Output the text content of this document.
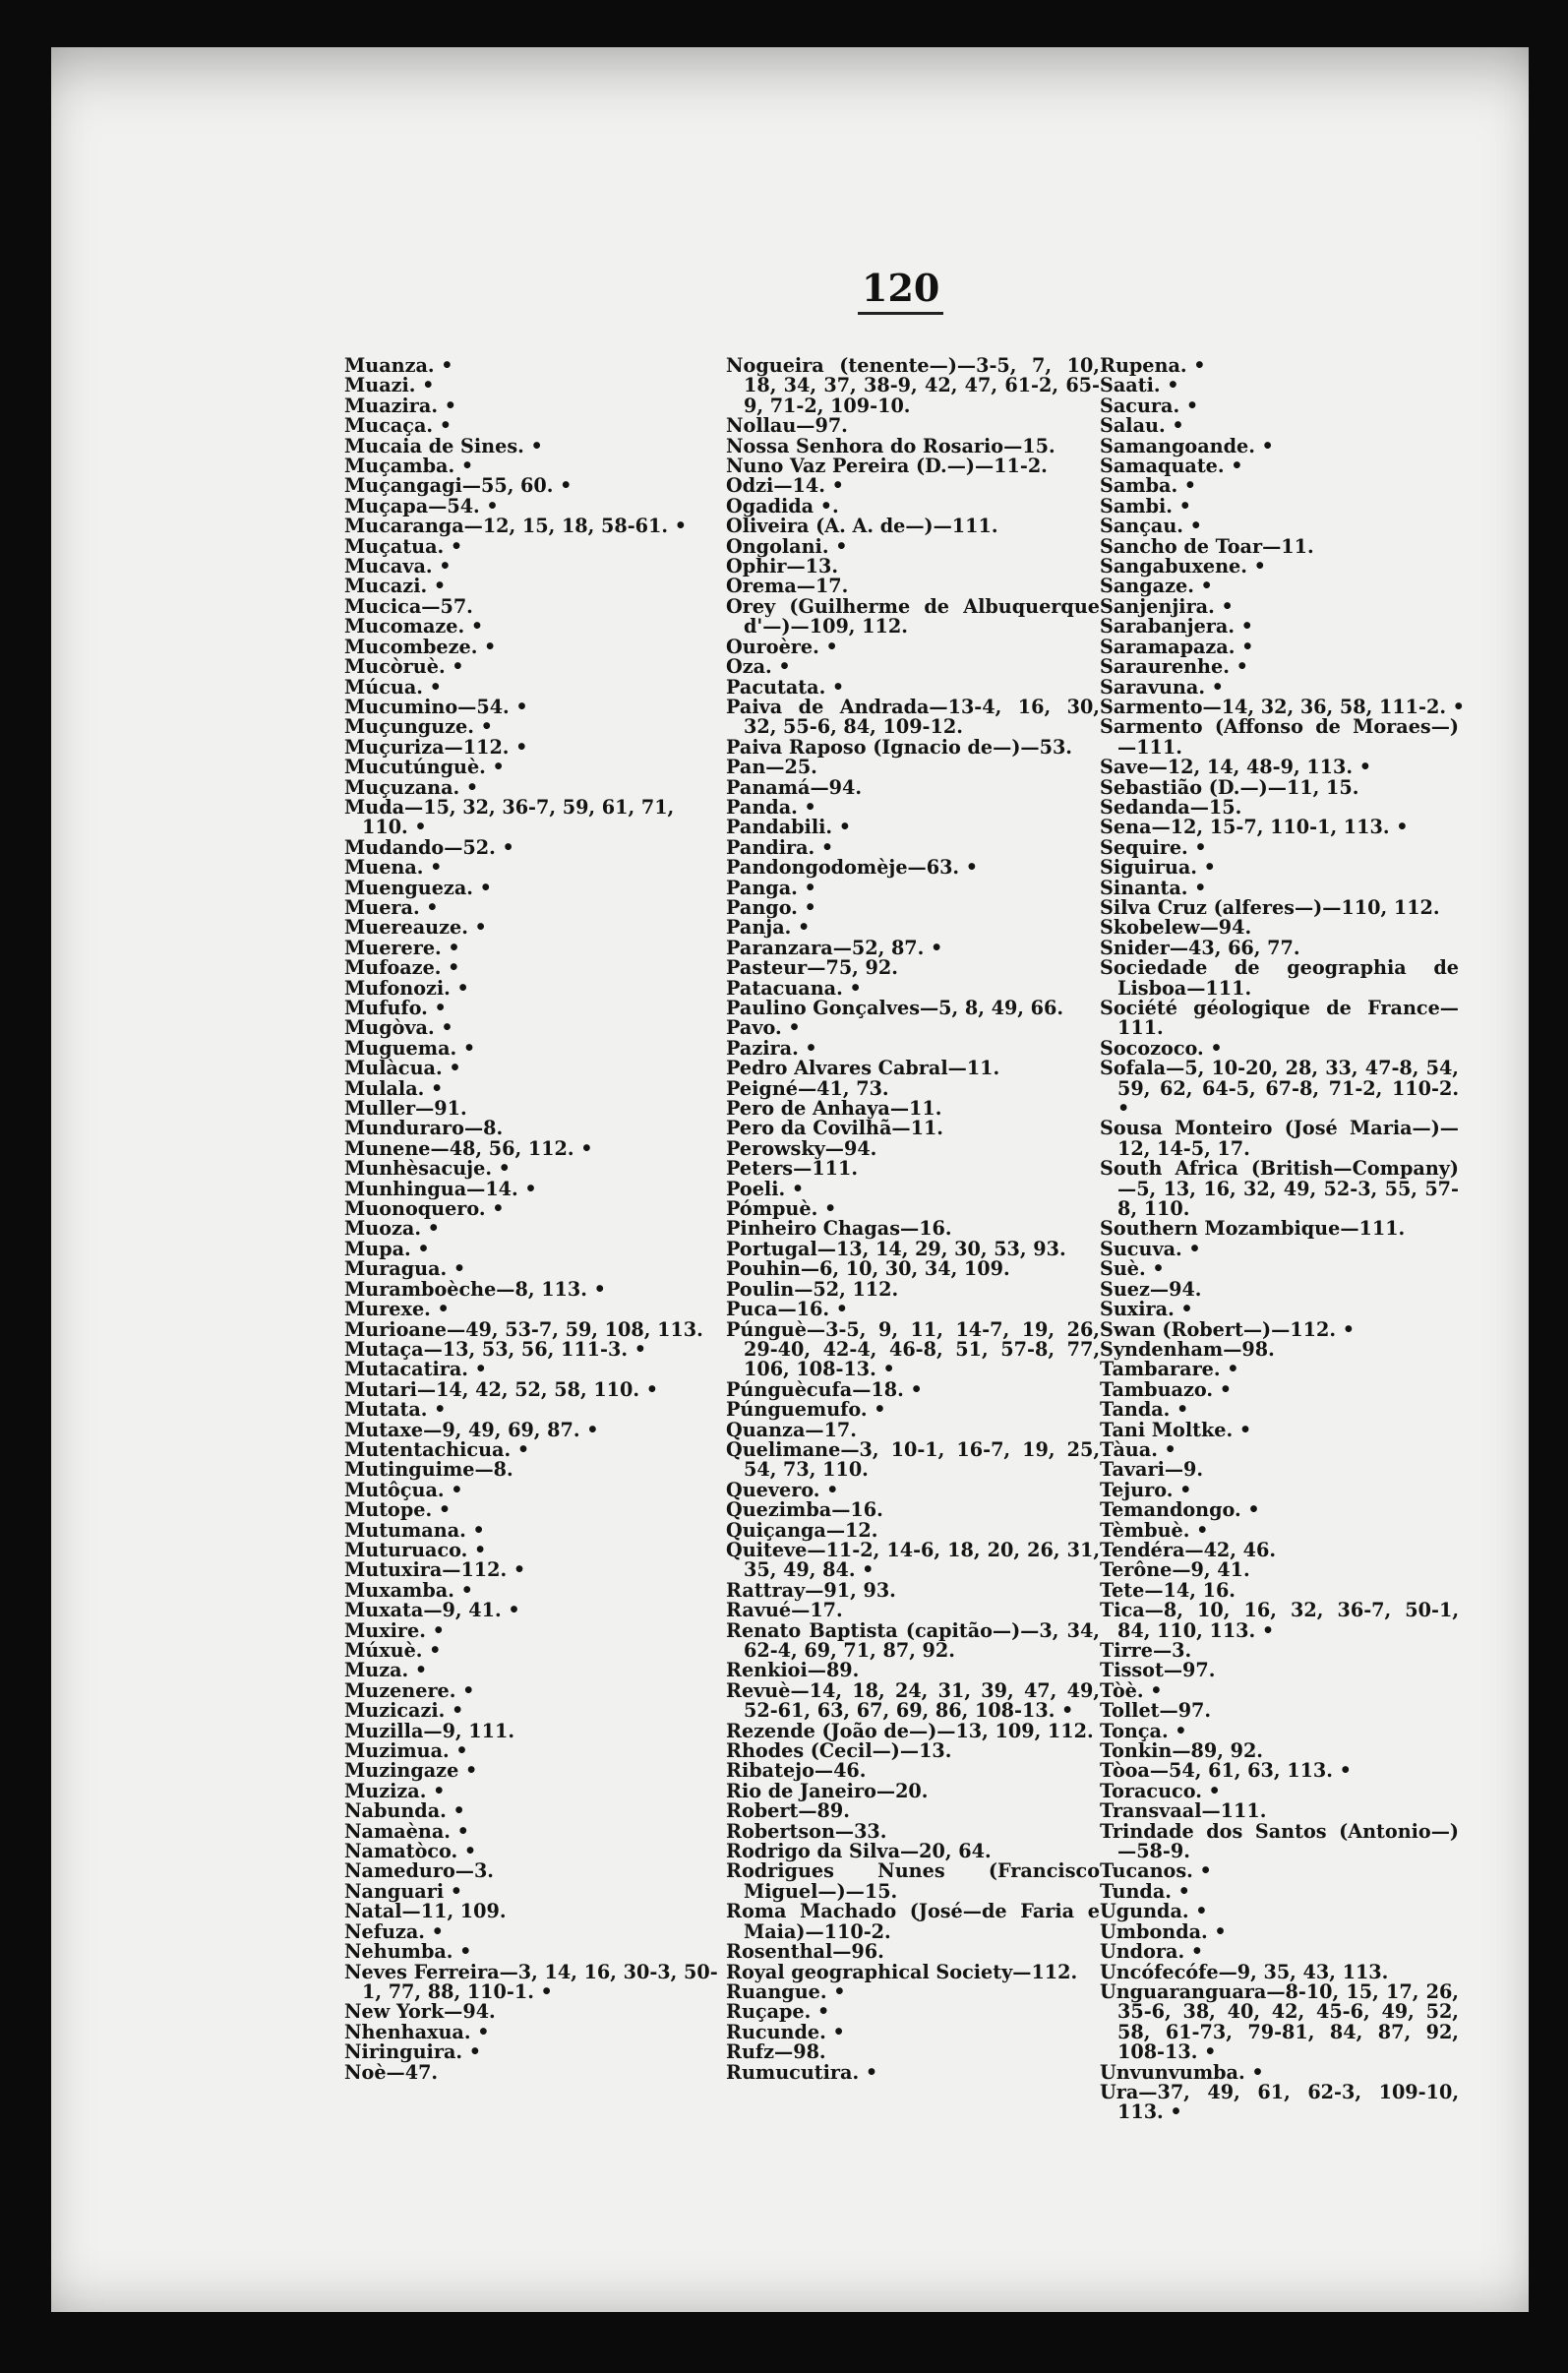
120
Muanza. •
Muazi. •
Muazira. •
Mucaça. •
Mucaia de Sines. •
Muçamba. •
Muçangagi—55, 60. •
Muçapa—54. •
Mucaranga—12, 15, 18, 58-61. •
Muçatua. •
Mucava. •
Mucazi. •
Mucica—57.
Mucomaze. •
Mucombeze. •
Mucòruè. •
Múcua. •
Mucumino—54. •
Muçunguze. •
Muçuriza—112. •
Mucutúnguè. •
Muçuzana. •
Muda—15, 32, 36-7, 59, 61, 71, 110. •
Mudando—52. •
Muena. •
Muengueza. •
Muera. •
Muereauze. •
Muerere. •
Mufoaze. •
Mufonozi. •
Mufufo. •
Mugòva. •
Muguema. •
Mulàcua. •
Mulala. •
Muller—91.
Munduraro—8.
Munene—48, 56, 112. •
Munhèsacuje. •
Munhingua—14. •
Muonoquero. •
Muoza. •
Mupa. •
Muragua. •
Muramboèche—8, 113. •
Murexe. •
Murioane—49, 53-7, 59, 108, 113.
Mutaça—13, 53, 56, 111-3. •
Mutacatira. •
Mutari—14, 42, 52, 58, 110. •
Mutata. •
Mutaxe—9, 49, 69, 87. •
Mutentachicua. •
Mutinguime—8.
Mutôçua. •
Mutope. •
Mutumana. •
Muturuaco. •
Mutuxira—112. •
Muxamba. •
Muxata—9, 41. •
Muxire. •
Múxuè. •
Muza. •
Muzenere. •
Muzicazi. •
Muzilla—9, 111.
Muzimua. •
Muzingaze •
Muziza. •
Nabunda. •
Namaèna. •
Namatòco. •
Nameduro—3.
Nanguari •
Natal—11, 109.
Nefuza. •
Nehumba. •
Neves Ferreira—3, 14, 16, 30-3, 50-1, 77, 88, 110-1. •
New York—94.
Nhenhaxua. •
Niringuira. •
Noè—47.
Nogueira (tenente—)—3-5, 7, 10, 18, 34, 37, 38-9, 42, 47, 61-2, 65-9, 71-2, 109-10.
Nollau—97.
Nossa Senhora do Rosario—15.
Nuno Vaz Pereira (D.—)—11-2.
Odzi—14. •
Ogadida •.
Oliveira (A. A. de—)—111.
Ongolani. •
Ophir—13.
Orema—17.
Orey (Guilherme de Albuquerque d'—)—109, 112.
Ouroère. •
Oza. •
Pacutata. •
Paiva de Andrada—13-4, 16, 30, 32, 55-6, 84, 109-12.
Paiva Raposo (Ignacio de—)—53.
Pan—25.
Panamá—94.
Panda. •
Pandabili. •
Pandira. •
Pandongodomèje—63. •
Panga. •
Pango. •
Panja. •
Paranzara—52, 87. •
Pasteur—75, 92.
Patacuana. •
Paulino Gonçalves—5, 8, 49, 66.
Pavo. •
Pazira. •
Pedro Alvares Cabral—11.
Peigné—41, 73.
Pero de Anhaya—11.
Pero da Covilhã—11.
Perowsky—94.
Peters—111.
Poeli. •
Pómpuè. •
Pinheiro Chagas—16.
Portugal—13, 14, 29, 30, 53, 93.
Pouhin—6, 10, 30, 34, 109.
Poulin—52, 112.
Puca—16. •
Púnguè—3-5, 9, 11, 14-7, 19, 26, 29-40, 42-4, 46-8, 51, 57-8, 77, 106, 108-13. •
Púnguècufa—18. •
Púnguemufo. •
Quanza—17.
Quelimane—3, 10-1, 16-7, 19, 25, 54, 73, 110.
Quevero. •
Quezimba—16.
Quiçanga—12.
Quiteve—11-2, 14-6, 18, 20, 26, 31, 35, 49, 84. •
Rattray—91, 93.
Ravué—17.
Renato Baptista (capitão—)—3, 34, 62-4, 69, 71, 87, 92.
Renkioi—89.
Revuè—14, 18, 24, 31, 39, 47, 49, 52-61, 63, 67, 69, 86, 108-13. •
Rezende (João de—)—13, 109, 112.
Rhodes (Cecil—)—13.
Ribatejo—46.
Rio de Janeiro—20.
Robert—89.
Robertson—33.
Rodrigo da Silva—20, 64.
Rodrigues Nunes (Francisco Miguel—)—15.
Roma Machado (José—de Faria e Maia)—110-2.
Rosenthal—96.
Royal geographical Society—112.
Ruangue. •
Ruçape. •
Rucunde. •
Rufz—98.
Rumucutira. •
Rupena. •
Saati. •
Sacura. •
Salau. •
Samangoande. •
Samaquate. •
Samba. •
Sambi. •
Sançau. •
Sancho de Toar—11.
Sangabuxene. •
Sangaze. •
Sanjenjira. •
Sarabanjera. •
Saramapaza. •
Saraurenhe. •
Saravuna. •
Sarmento—14, 32, 36, 58, 111-2. •
Sarmento (Affonso de Moraes—)—111.
Save—12, 14, 48-9, 113. •
Sebastião (D.—)—11, 15.
Sedanda—15.
Sena—12, 15-7, 110-1, 113. •
Sequire. •
Siguirua. •
Sinanta. •
Silva Cruz (alferes—)—110, 112.
Skobelew—94.
Snider—43, 66, 77.
Sociedade de geographia de Lisboa—111.
Société géologique de France—111.
Socozoco. •
Sofala—5, 10-20, 28, 33, 47-8, 54, 59, 62, 64-5, 67-8, 71-2, 110-2. •
Sousa Monteiro (José Maria—)—12, 14-5, 17.
South Africa (British—Company)—5, 13, 16, 32, 49, 52-3, 55, 57-8, 110.
Southern Mozambique—111.
Sucuva. •
Suè. •
Suez—94.
Suxira. •
Swan (Robert—)—112. •
Syndenham—98.
Tambarare. •
Tambuazo. •
Tanda. •
Tani Moltke. •
Tàua. •
Tavari—9.
Tejuro. •
Temandongo. •
Tèmbuè. •
Tendéra—42, 46.
Terône—9, 41.
Tete—14, 16.
Tica—8, 10, 16, 32, 36-7, 50-1, 84, 110, 113. •
Tirre—3.
Tissot—97.
Tòè. •
Tollet—97.
Tonça. •
Tonkin—89, 92.
Tòoa—54, 61, 63, 113. •
Toracuco. •
Transvaal—111.
Trindade dos Santos (Antonio—)—58-9.
Tucanos. •
Tunda. •
Ugunda. •
Umbonda. •
Undora. •
Uncófecófe—9, 35, 43, 113.
Unguaranguara—8-10, 15, 17, 26, 35-6, 38, 40, 42, 45-6, 49, 52, 58, 61-73, 79-81, 84, 87, 92, 108-13. •
Unvunvumba. •
Ura—37, 49, 61, 62-3, 109-10, 113. •
